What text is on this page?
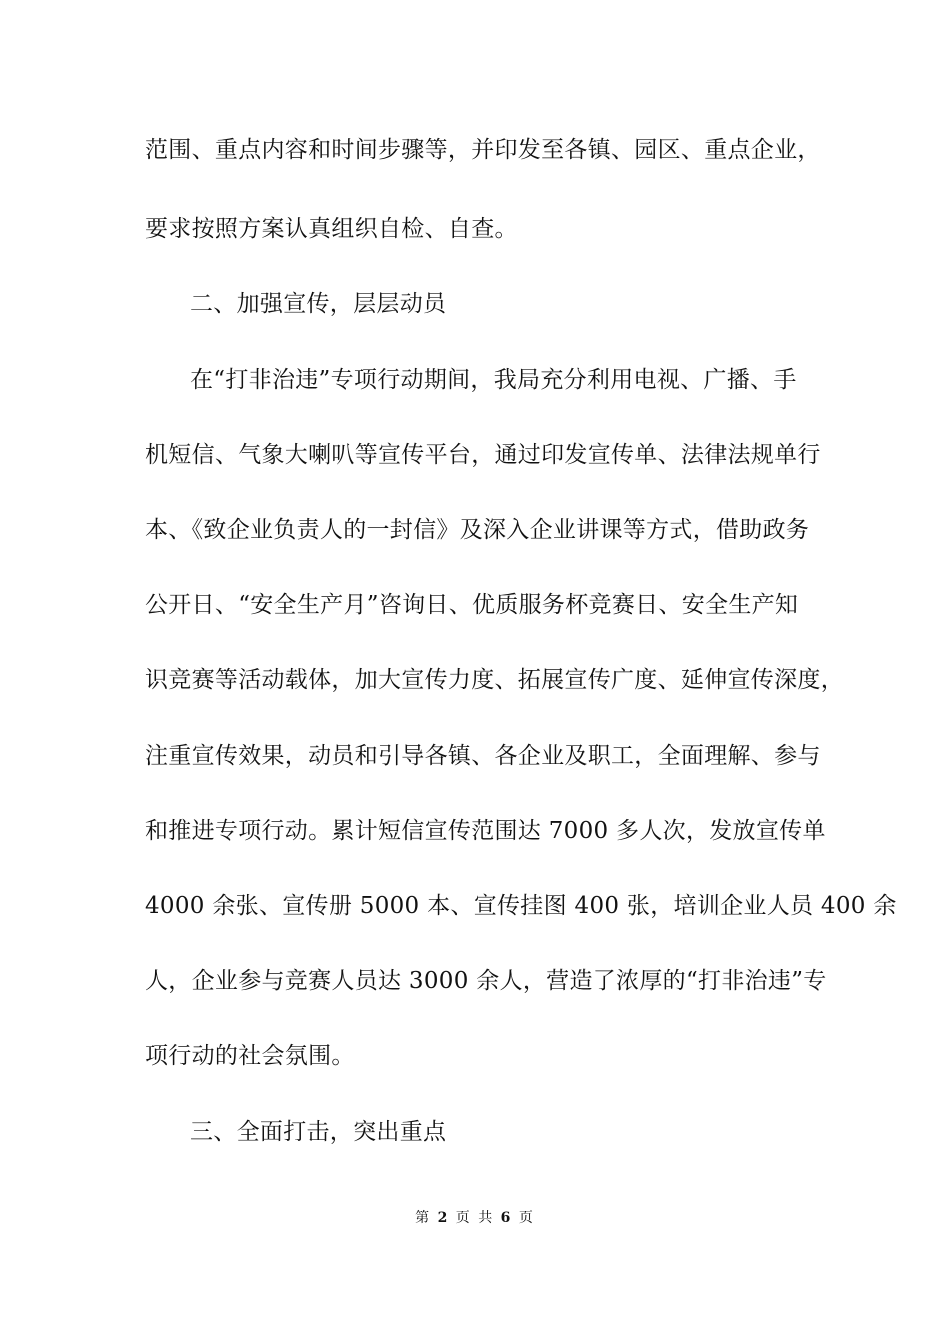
范围、重点内容和时间步骤等，并印发至各镇、园区、重点企业，
要求按照方案认真组织自检、自查。
二、加强宣传，层层动员
在“打非治违”专项行动期间，我局充分利用电视、广播、手
机短信、气象大喇叭等宣传平台，通过印发宣传单、法律法规单行
本、《致企业负责人的一封信》及深入企业讲课等方式，借助政务
公开日、“安全生产月”咨询日、优质服务杯竞赛日、安全生产知
识竞赛等活动载体，加大宣传力度、拓展宣传广度、延伸宣传深度，
注重宣传效果，动员和引导各镇、各企业及职工，全面理解、参与
和推进专项行动。累计短信宣传范围达 7000 多人次，发放宣传单
4000 余张、宣传册 5000 本、宣传挂图 400 张，培训企业人员 400 余
人，企业参与竞赛人员达 3000 余人，营造了浓厚的“打非治违”专
项行动的社会氛围。
三、全面打击，突出重点
第 2 页 共 6 页
